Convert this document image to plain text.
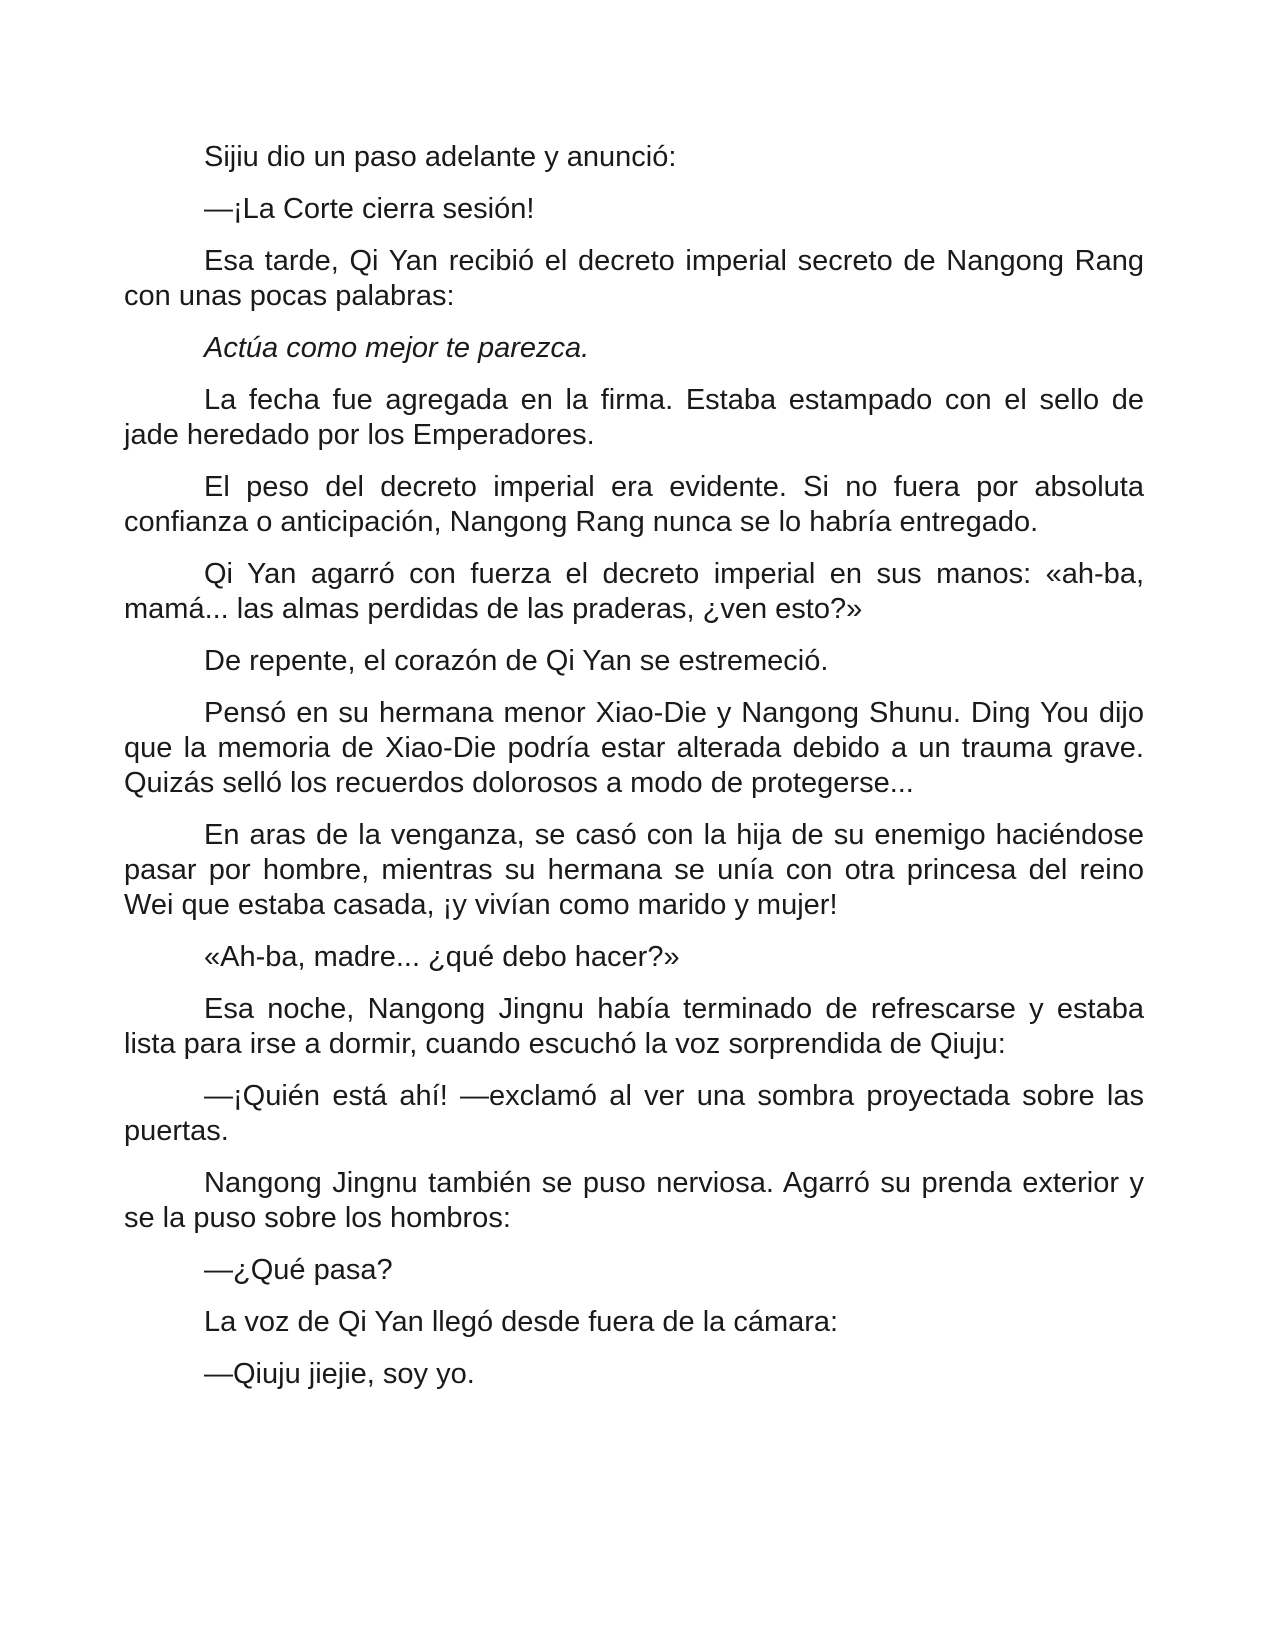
Sijiu dio un paso adelante y anunció:

—¡La Corte cierra sesión!

Esa tarde, Qi Yan recibió el decreto imperial secreto de Nangong Rang con unas pocas palabras:

Actúa como mejor te parezca.

La fecha fue agregada en la firma. Estaba estampado con el sello de jade heredado por los Emperadores.

El peso del decreto imperial era evidente. Si no fuera por absoluta confianza o anticipación, Nangong Rang nunca se lo habría entregado.

Qi Yan agarró con fuerza el decreto imperial en sus manos: «ah-ba, mamá... las almas perdidas de las praderas, ¿ven esto?»

De repente, el corazón de Qi Yan se estremeció.

Pensó en su hermana menor Xiao-Die y Nangong Shunu. Ding You dijo que la memoria de Xiao-Die podría estar alterada debido a un trauma grave. Quizás selló los recuerdos dolorosos a modo de protegerse...

En aras de la venganza, se casó con la hija de su enemigo haciéndose pasar por hombre, mientras su hermana se unía con otra princesa del reino Wei que estaba casada, ¡y vivían como marido y mujer!

«Ah-ba, madre... ¿qué debo hacer?»

Esa noche, Nangong Jingnu había terminado de refrescarse y estaba lista para irse a dormir, cuando escuchó la voz sorprendida de Qiuju:

—¡Quién está ahí! —exclamó al ver una sombra proyectada sobre las puertas.

Nangong Jingnu también se puso nerviosa. Agarró su prenda exterior y se la puso sobre los hombros:

—¿Qué pasa?

La voz de Qi Yan llegó desde fuera de la cámara:

—Qiuju jiejie, soy yo.
